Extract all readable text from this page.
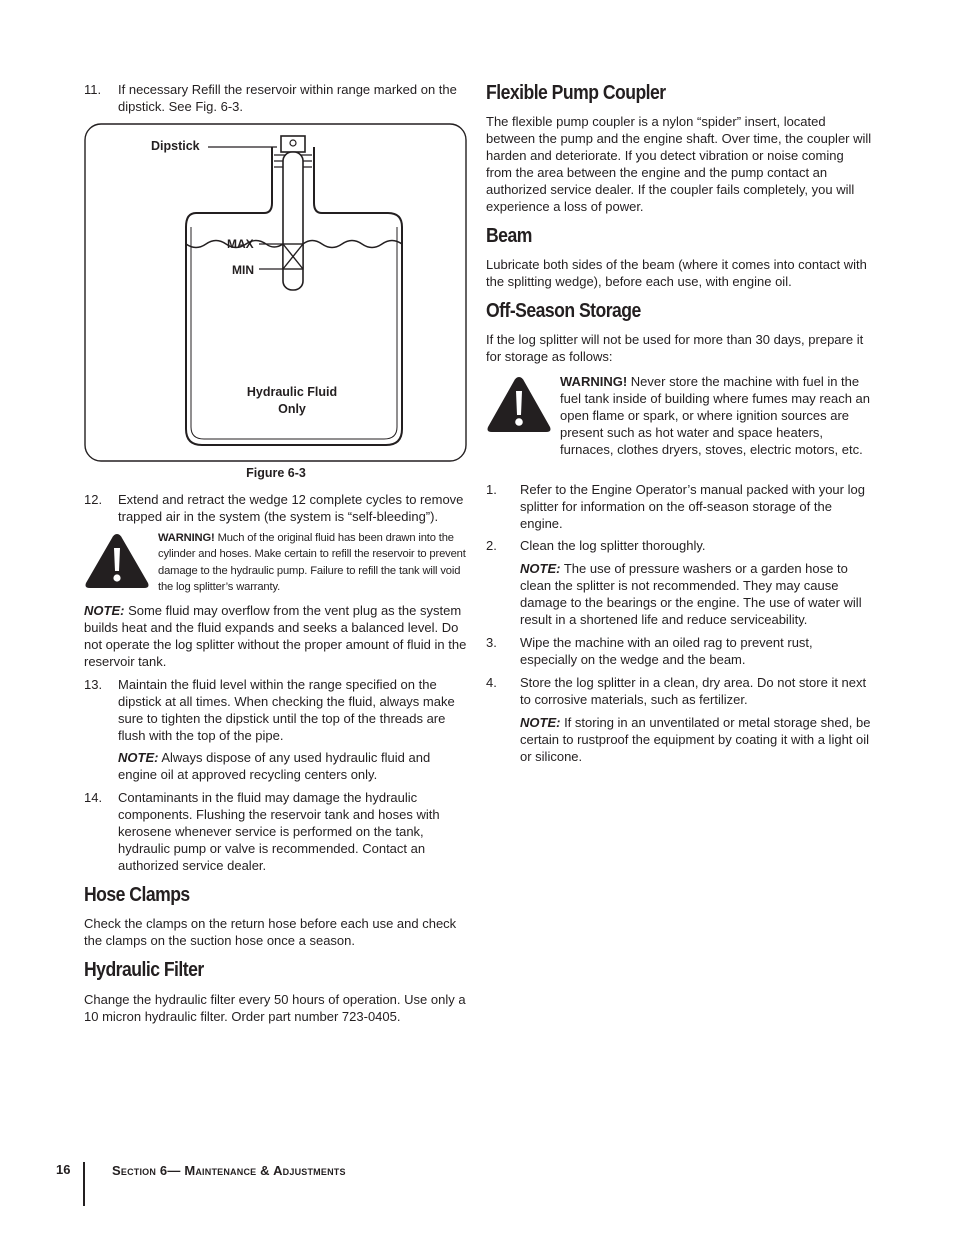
11. If necessary Refill the reservoir within range marked on the dipstick. See Fig. 6-3.
Dipstick
MAX
MIN
Hydraulic Fluid
Only
Figure 6-3
12. Extend and retract the wedge 12 complete cycles to remove trapped air in the system (the system is “self-bleeding”).
WARNING! Much of the original fluid has been drawn into the cylinder and hoses. Make certain to refill the reservoir to prevent damage to the hydraulic pump. Failure to refill the tank will void the log splitter’s warranty.

NOTE: Some fluid may overflow from the vent plug as the system builds heat and the fluid expands and seeks a balanced level. Do not operate the log splitter without the proper amount of fluid in the reservoir tank.

13. Maintain the fluid level within the range specified on the dipstick at all times. When checking the fluid, always make sure to tighten the dipstick until the top of the threads are flush with the top of the pipe.

NOTE: Always dispose of any used hydraulic fluid and engine oil at approved recycling centers only.

14. Contaminants in the fluid may damage the hydraulic components. Flushing the reservoir tank and hoses with kerosene whenever service is performed on the tank, hydraulic pump or valve is recommended. Contact an authorized service dealer.
Hose Clamps

Check the clamps on the return hose before each use and check the clamps on the suction hose once a season.

Hydraulic Filter

Change the hydraulic filter every 50 hours of operation. Use only a 10 micron hydraulic filter. Order part number 723-0405.

Flexible Pump Coupler

The flexible pump coupler is a nylon “spider” insert, located between the pump and the engine shaft. Over time, the coupler will harden and deteriorate. If you detect vibration or noise coming from the area between the engine and the pump contact an authorized service dealer. If the coupler fails completely, you will experience a loss of power.

Beam

Lubricate both sides of the beam (where it comes into contact with the splitting wedge), before each use, with engine oil.

Off-Season Storage

If the log splitter will not be used for more than 30 days, prepare it for storage as follows:

WARNING! Never store the machine with fuel in the fuel tank inside of building where fumes may reach an open flame or spark, or where ignition sources are present such as hot water and space heaters, furnaces, clothes dryers, stoves, electric motors, etc.

1. Refer to the Engine Operator’s manual packed with your log splitter for information on the off-season storage of the engine.
2. Clean the log splitter thoroughly.

NOTE: The use of pressure washers or a garden hose to clean the splitter is not recommended. They may cause damage to the bearings or the engine. The use of water will result in a shortened life and reduce serviceability.

3. Wipe the machine with an oiled rag to prevent rust, especially on the wedge and the beam.
4. Store the log splitter in a clean, dry area. Do not store it next to corrosive materials, such as fertilizer.

NOTE: If storing in an unventilated or metal storage shed, be certain to rustproof the equipment by coating it with a light oil or silicone.

16	Section 6— Maintenance & Adjustments
